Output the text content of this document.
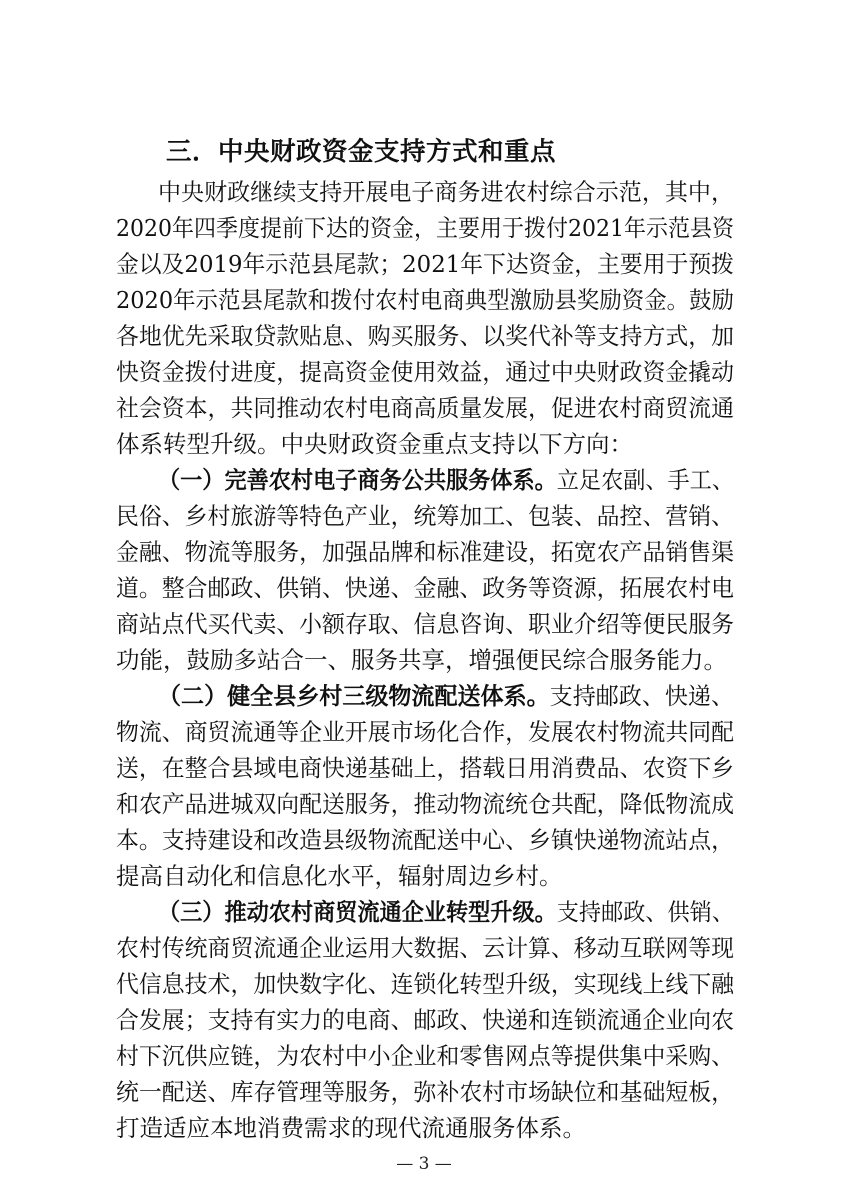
三．中央财政资金支持方式和重点
中央财政继续支持开展电子商务进农村综合示范，其中，
2020年四季度提前下达的资金，主要用于拨付2021年示范县资
金以及2019年示范县尾款；2021年下达资金，主要用于预拨
2020年示范县尾款和拨付农村电商典型激励县奖励资金。鼓励
各地优先采取贷款贴息、购买服务、以奖代补等支持方式，加
快资金拨付进度，提高资金使用效益，通过中央财政资金撬动
社会资本，共同推动农村电商高质量发展，促进农村商贸流通
体系转型升级。中央财政资金重点支持以下方向：
（一）完善农村电子商务公共服务体系。 立足农副、手工、
民俗、乡村旅游等特色产业，统筹加工、包装、品控、营销、
金融、物流等服务，加强品牌和标准建设，拓宽农产品销售渠
道。整合邮政、供销、快递、金融、政务等资源，拓展农村电
商站点代买代卖、小额存取、信息咨询、职业介绍等便民服务
功能，鼓励多站合一、服务共享，增强便民综合服务能力。
（二）健全县乡村三级物流配送体系。 支持邮政、快递、
物流、商贸流通等企业开展市场化合作，发展农村物流共同配
送，在整合县域电商快递基础上，搭载日用消费品、农资下乡
和农产品进城双向配送服务，推动物流统仓共配，降低物流成
本。支持建设和改造县级物流配送中心、乡镇快递物流站点，
提高自动化和信息化水平，辐射周边乡村。
（三）推动农村商贸流通企业转型升级。 支持邮政、供销、
农村传统商贸流通企业运用大数据、云计算、移动互联网等现
代信息技术，加快数字化、连锁化转型升级，实现线上线下融
合发展；支持有实力的电商、邮政、快递和连锁流通企业向农
村下沉供应链，为农村中小企业和零售网点等提供集中采购、
统一配送、库存管理等服务，弥补农村市场缺位和基础短板，
打造适应本地消费需求的现代流通服务体系。
— 3 —
